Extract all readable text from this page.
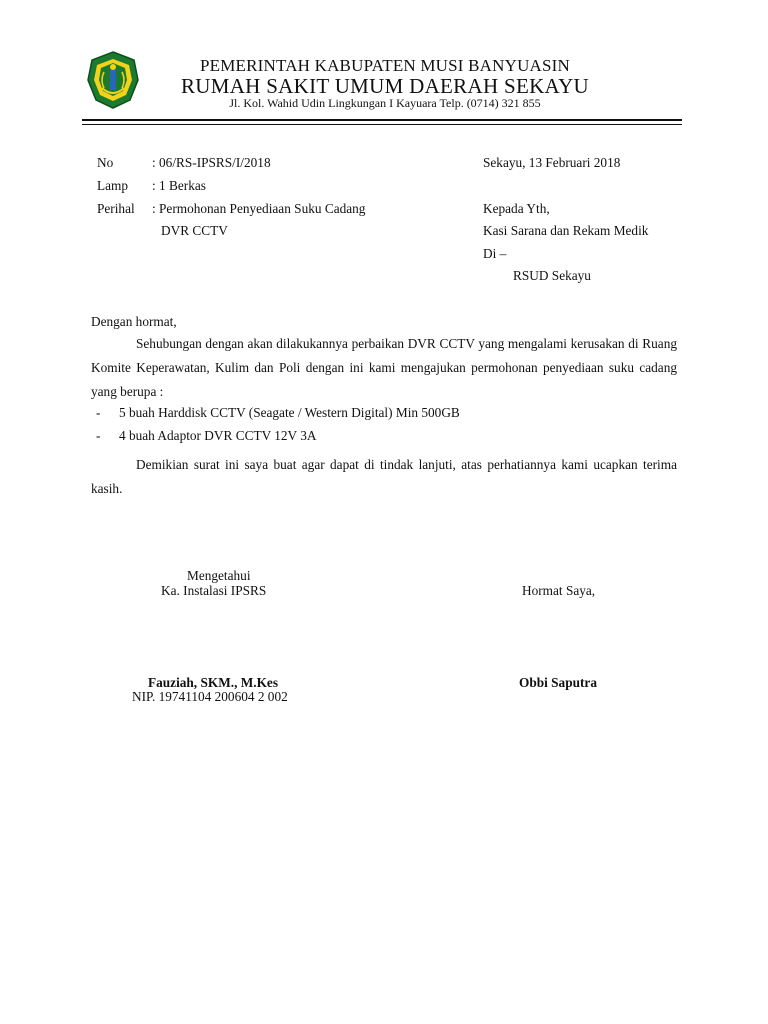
PEMERINTAH KABUPATEN MUSI BANYUASIN
RUMAH SAKIT UMUM DAERAH SEKAYU
Jl. Kol. Wahid Udin Lingkungan I Kayuara Telp. (0714) 321 855
No	: 06/RS-IPSRS/I/2018
Lamp : 1 Berkas
Perihal : Permohonan Penyediaan Suku Cadang
DVR CCTV
Sekayu, 13 Februari 2018
Kepada Yth,
Kasi Sarana dan Rekam Medik
Di –
RSUD Sekayu
Dengan hormat,
Sehubungan dengan akan dilakukannya perbaikan DVR CCTV yang mengalami kerusakan di Ruang Komite Keperawatan, Kulim dan Poli dengan ini kami mengajukan permohonan penyediaan suku cadang yang berupa :
- 5 buah Harddisk CCTV (Seagate / Western Digital) Min 500GB
- 4 buah Adaptor DVR CCTV 12V 3A
Demikian surat ini saya buat agar dapat di tindak lanjuti, atas perhatiannya kami ucapkan terima kasih.
Mengetahui
Ka. Instalasi IPSRS	Hormat Saya,
Fauziah, SKM., M.Kes
NIP. 19741104 200604 2 002
Obbi Saputra
